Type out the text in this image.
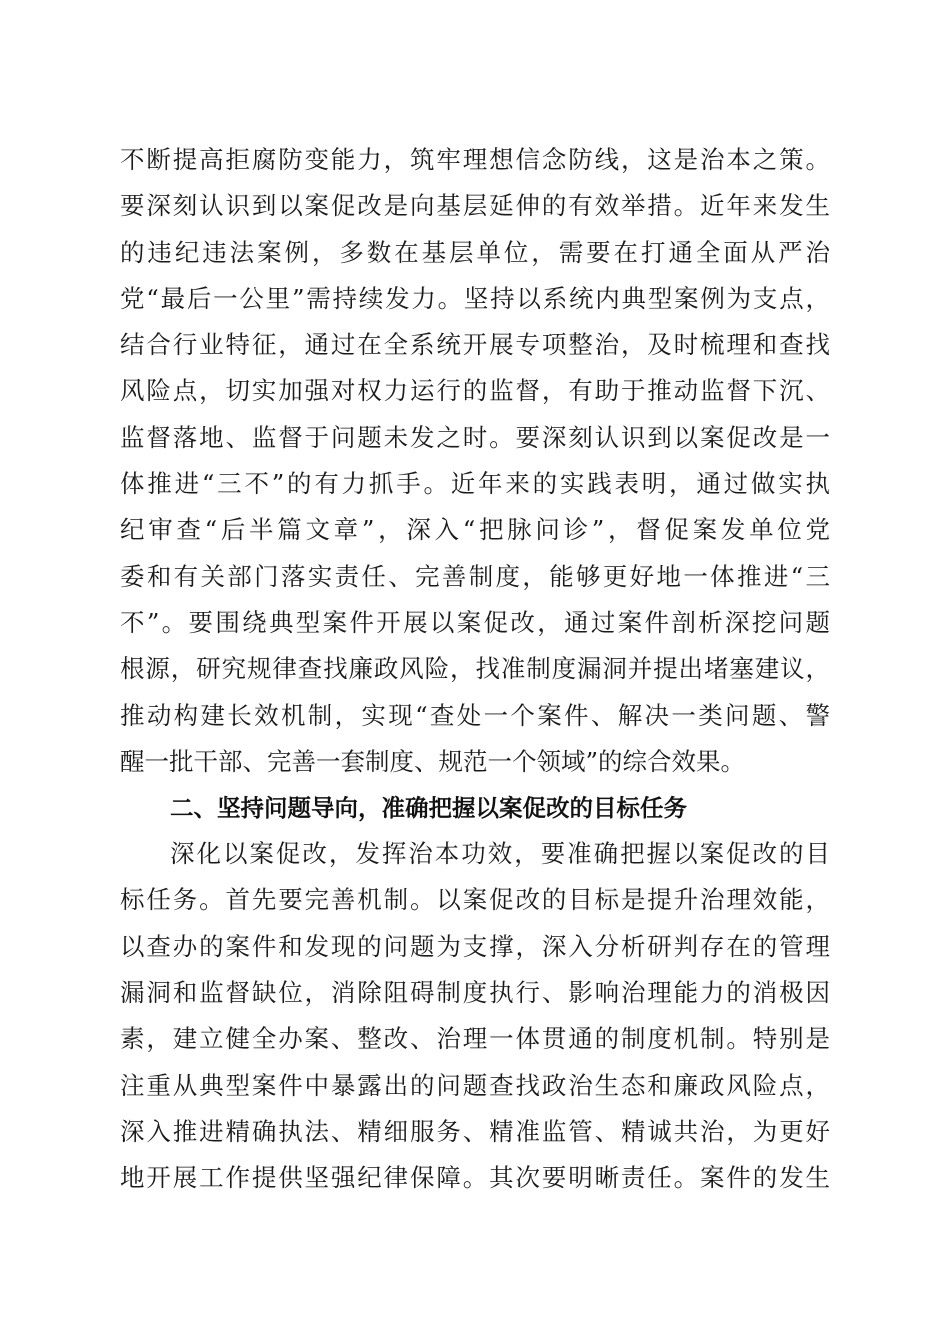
不断提高拒腐防变能力，筑牢理想信念防线，这是治本之策。
要深刻认识到以案促改是向基层延伸的有效举措。近年来发生
的违纪违法案例，多数在基层单位，需要在打通全面从严治
党“最后一公里”需持续发力。坚持以系统内典型案例为支点，
结合行业特征，通过在全系统开展专项整治，及时梳理和查找
风险点，切实加强对权力运行的监督，有助于推动监督下沉、
监督落地、监督于问题未发之时。要深刻认识到以案促改是一
体推进“三不”的有力抓手。近年来的实践表明，通过做实执
纪审查“后半篇文章”，深入“把脉问诊”，督促案发单位党
委和有关部门落实责任、完善制度，能够更好地一体推进“三
不”。要围绕典型案件开展以案促改，通过案件剖析深挖问题
根源，研究规律查找廉政风险，找准制度漏洞并提出堵塞建议，
推动构建长效机制，实现“查处一个案件、解决一类问题、警
醒一批干部、完善一套制度、规范一个领域”的综合效果。
二、坚持问题导向，准确把握以案促改的目标任务
深化以案促改，发挥治本功效，要准确把握以案促改的目
标任务。首先要完善机制。以案促改的目标是提升治理效能，
以查办的案件和发现的问题为支撑，深入分析研判存在的管理
漏洞和监督缺位，消除阻碍制度执行、影响治理能力的消极因
素，建立健全办案、整改、治理一体贯通的制度机制。特别是
注重从典型案件中暴露出的问题查找政治生态和廉政风险点，
深入推进精确执法、精细服务、精准监管、精诚共治，为更好
地开展工作提供坚强纪律保障。其次要明晰责任。案件的发生
